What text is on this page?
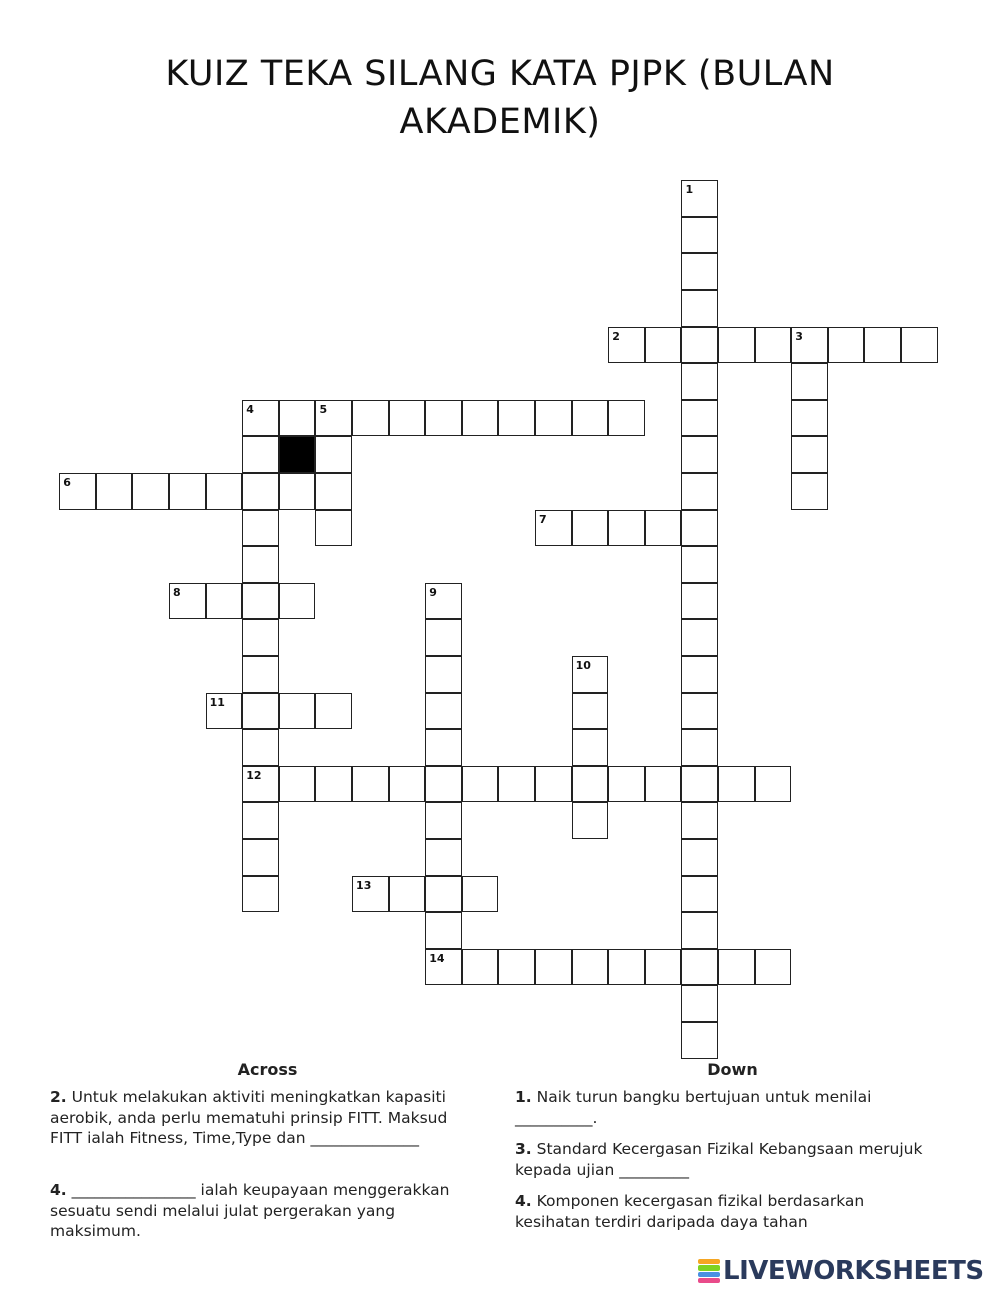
KUIZ TEKA SILANG KATA PJPK (BULAN AKADEMIK)
1
2	3
4	5
12
6
7
8	9
14
10
11
13
Across	Down
2. Untuk melakukan aktiviti meningkatkan kapasiti aerobik, anda perlu mematuhi prinsip FITT. Maksud FITT ialah Fitness, Time,Type dan ______________
4. ________________ ialah keupayaan menggerakkan sesuatu sendi melalui julat pergerakan yang maksimum.
1. Naik turun bangku bertujuan untuk menilai __________.
3. Standard Kecergasan Fizikal Kebangsaan merujuk kepada ujian _________
4. Komponen kecergasan fizikal berdasarkan kesihatan terdiri daripada daya tahan
LIVEWORKSHEETS
